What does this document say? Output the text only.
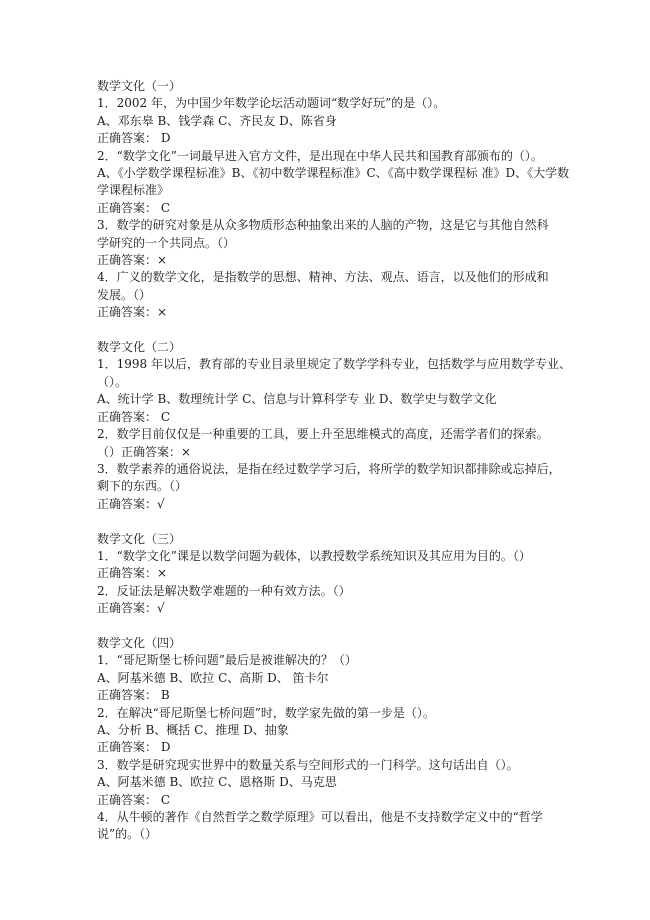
数学文化（一）

1．2002 年，为中国少年数学论坛活动题词“数学好玩”的是（）。

A、邓东皋 B、钱学森 C、齐民友 D、陈省身

正确答案： D

2．“数学文化”一词最早进入官方文件，是出现在中华人民共和国教育部颁布的（）。

A、《小学数学课程标准》B、《初中数学课程标准》C、《高中数学课程标 准》D、《大学数

学课程标准》

正确答案： C

3．数学的研究对象是从众多物质形态种抽象出来的人脑的产物，这是它与其他自然科

学研究的一个共同点。（）

正确答案：×

4．广义的数学文化，是指数学的思想、精神、方法、观点、语言，以及他们的形成和

发展。（）

正确答案：×

数学文化（二）

1．1998 年以后，教育部的专业目录里规定了数学学科专业，包括数学与应用数学专业、

（）。

A、统计学 B、数理统计学 C、信息与计算科学专 业 D、数学史与数学文化

正确答案： C

2．数学目前仅仅是一种重要的工具，要上升至思维模式的高度，还需学者们的探索。

（）正确答案：×

3．数学素养的通俗说法，是指在经过数学学习后，将所学的数学知识都排除或忘掉后，

剩下的东西。（）

正确答案：√

数学文化（三）

1．“数学文化”课是以数学问题为载体，以教授数学系统知识及其应用为目的。（）

正确答案：×

2．反证法是解决数学难题的一种有效方法。（）

正确答案：√

数学文化（四）

1．“哥尼斯堡七桥问题”最后是被谁解决的？（）

A、阿基米德 B、欧拉 C、高斯 D、 笛卡尔

正确答案： B

2．在解决“哥尼斯堡七桥问题”时，数学家先做的第一步是（）。

A、分析 B、概括 C、推理 D、抽象

正确答案： D

3．数学是研究现实世界中的数量关系与空间形式的一门科学。这句话出自（）。

A、阿基米德 B、欧拉 C、恩格斯 D、马克思

正确答案： C

4．从牛顿的著作《自然哲学之数学原理》可以看出，他是不支持数学定义中的“哲学

说”的。（）
